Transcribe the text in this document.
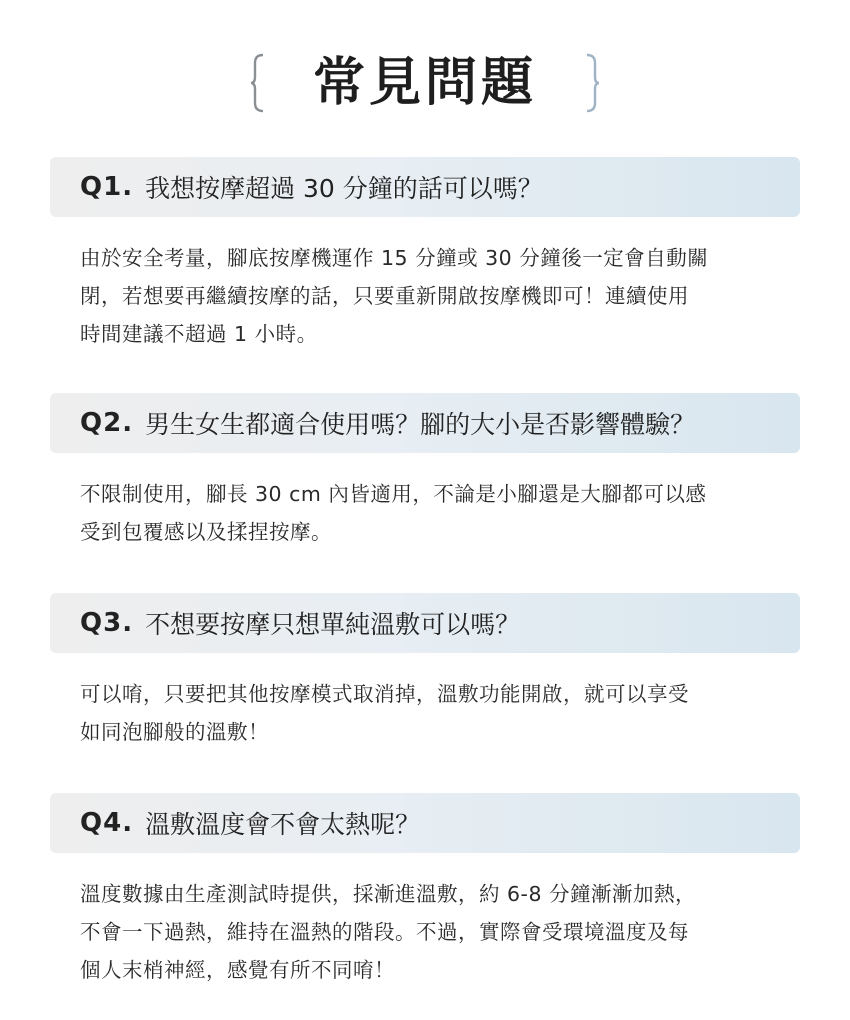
常見問題
Q1. 我想按摩超過 30 分鐘的話可以嗎？
由於安全考量，腳底按摩機運作 15 分鐘或 30 分鐘後一定會自動關
閉，若想要再繼續按摩的話，只要重新開啟按摩機即可！連續使用
時間建議不超過 1 小時。
Q2. 男生女生都適合使用嗎？腳的大小是否影響體驗？
不限制使用，腳長 30 cm 內皆適用，不論是小腳還是大腳都可以感
受到包覆感以及揉捏按摩。
Q3. 不想要按摩只想單純溫敷可以嗎？
可以唷，只要把其他按摩模式取消掉，溫敷功能開啟，就可以享受
如同泡腳般的溫敷！
Q4. 溫敷溫度會不會太熱呢？
溫度數據由生產測試時提供，採漸進溫敷，約 6-8 分鐘漸漸加熱，
不會一下過熱，維持在溫熱的階段。不過，實際會受環境溫度及每
個人末梢神經，感覺有所不同唷！
